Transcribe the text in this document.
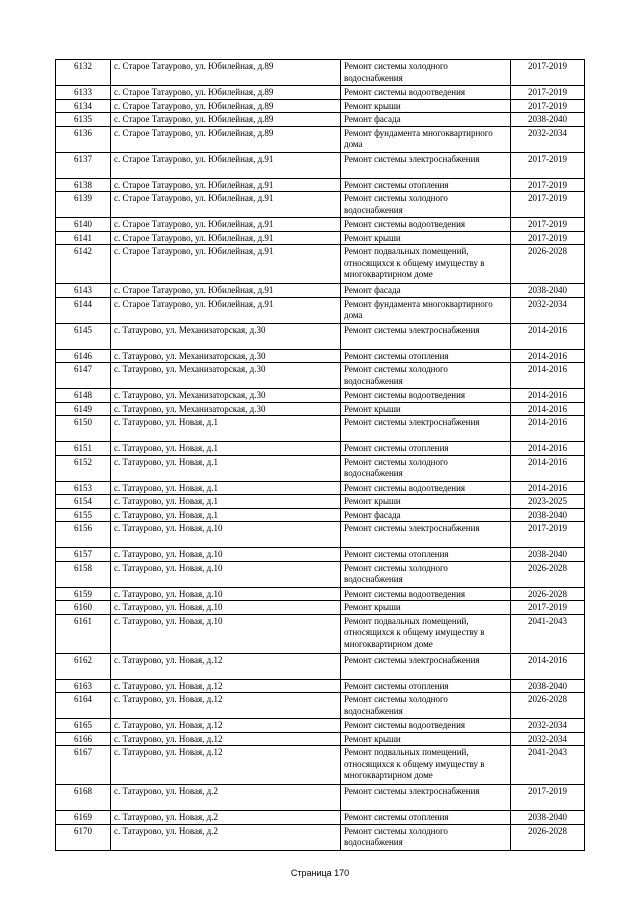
6132	с. Старое Татаурово, ул. Юбилейная, д.89	Ремонт системы холодного водоснабжения	2017-2019
6133	с. Старое Татаурово, ул. Юбилейная, д.89	Ремонт системы водоотведения	2017-2019
6134	с. Старое Татаурово, ул. Юбилейная, д.89	Ремонт крыши	2017-2019
6135	с. Старое Татаурово, ул. Юбилейная, д.89	Ремонт фасада	2038-2040
6136	с. Старое Татаурово, ул. Юбилейная, д.89	Ремонт фундамента многоквартирного дома	2032-2034
6137	с. Старое Татаурово, ул. Юбилейная, д.91	Ремонт системы электроснабжения	2017-2019
6138	с. Старое Татаурово, ул. Юбилейная, д.91	Ремонт системы отопления	2017-2019
6139	с. Старое Татаурово, ул. Юбилейная, д.91	Ремонт системы холодного водоснабжения	2017-2019
6140	с. Старое Татаурово, ул. Юбилейная, д.91	Ремонт системы водоотведения	2017-2019
6141	с. Старое Татаурово, ул. Юбилейная, д.91	Ремонт крыши	2017-2019
6142	с. Старое Татаурово, ул. Юбилейная, д.91	Ремонт подвальных помещений, относящихся к общему имуществу в многоквартирном доме	2026-2028
6143	с. Старое Татаурово, ул. Юбилейная, д.91	Ремонт фасада	2038-2040
6144	с. Старое Татаурово, ул. Юбилейная, д.91	Ремонт фундамента многоквартирного дома	2032-2034
6145	с. Татаурово, ул. Механизаторская, д.30	Ремонт системы электроснабжения	2014-2016
6146	с. Татаурово, ул. Механизаторская, д.30	Ремонт системы отопления	2014-2016
6147	с. Татаурово, ул. Механизаторская, д.30	Ремонт системы холодного водоснабжения	2014-2016
6148	с. Татаурово, ул. Механизаторская, д.30	Ремонт системы водоотведения	2014-2016
6149	с. Татаурово, ул. Механизаторская, д.30	Ремонт крыши	2014-2016
6150	с. Татаурово, ул. Новая, д.1	Ремонт системы электроснабжения	2014-2016
6151	с. Татаурово, ул. Новая, д.1	Ремонт системы отопления	2014-2016
6152	с. Татаурово, ул. Новая, д.1	Ремонт системы холодного водоснабжения	2014-2016
6153	с. Татаурово, ул. Новая, д.1	Ремонт системы водоотведения	2014-2016
6154	с. Татаурово, ул. Новая, д.1	Ремонт крыши	2023-2025
6155	с. Татаурово, ул. Новая, д.1	Ремонт фасада	2038-2040
6156	с. Татаурово, ул. Новая, д.10	Ремонт системы электроснабжения	2017-2019
6157	с. Татаурово, ул. Новая, д.10	Ремонт системы отопления	2038-2040
6158	с. Татаурово, ул. Новая, д.10	Ремонт системы холодного водоснабжения	2026-2028
6159	с. Татаурово, ул. Новая, д.10	Ремонт системы водоотведения	2026-2028
6160	с. Татаурово, ул. Новая, д.10	Ремонт крыши	2017-2019
6161	с. Татаурово, ул. Новая, д.10	Ремонт подвальных помещений, относящихся к общему имуществу в многоквартирном доме	2041-2043
6162	с. Татаурово, ул. Новая, д.12	Ремонт системы электроснабжения	2014-2016
6163	с. Татаурово, ул. Новая, д.12	Ремонт системы отопления	2038-2040
6164	с. Татаурово, ул. Новая, д.12	Ремонт системы холодного водоснабжения	2026-2028
6165	с. Татаурово, ул. Новая, д.12	Ремонт системы водоотведения	2032-2034
6166	с. Татаурово, ул. Новая, д.12	Ремонт крыши	2032-2034
6167	с. Татаурово, ул. Новая, д.12	Ремонт подвальных помещений, относящихся к общему имуществу в многоквартирном доме	2041-2043
6168	с. Татаурово, ул. Новая, д.2	Ремонт системы электроснабжения	2017-2019
6169	с. Татаурово, ул. Новая, д.2	Ремонт системы отопления	2038-2040
6170	с. Татаурово, ул. Новая, д.2	Ремонт системы холодного водоснабжения	2026-2028
Страница 170
